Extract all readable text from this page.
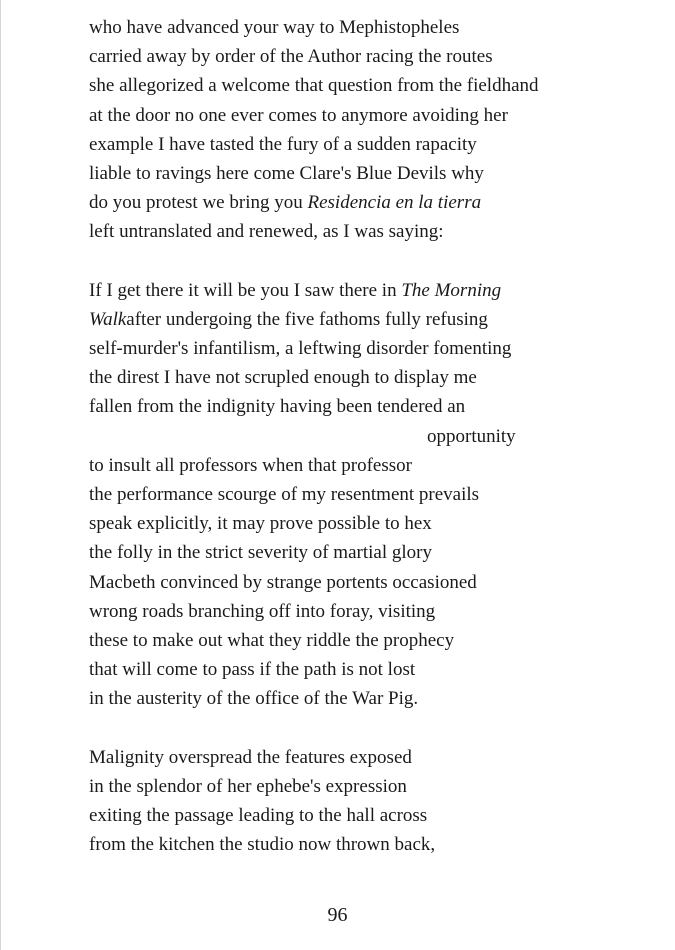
who have advanced your way to Mephistopheles
carried away by order of the Author racing the routes
she allegorized a welcome that question from the fieldhand
at the door no one ever comes to anymore avoiding her
example I have tasted the fury of a sudden rapacity
liable to ravings here come Clare's Blue Devils why
do you protest we bring you Residencia en la tierra
left untranslated and renewed, as I was saying:
If I get there it will be you I saw there in The Morning
Walkafter undergoing the five fathoms fully refusing
self-murder's infantilism, a leftwing disorder fomenting
the direst I have not scrupled enough to display me
fallen from the indignity having been tendered an
opportunity
to insult all professors when that professor
the performance scourge of my resentment prevails
speak explicitly, it may prove possible to hex
the folly in the strict severity of martial glory
Macbeth convinced by strange portents occasioned
wrong roads branching off into foray, visiting
these to make out what they riddle the prophecy
that will come to pass if the path is not lost
in the austerity of the office of the War Pig.
Malignity overspread the features exposed
in the splendor of her ephebe's expression
exiting the passage leading to the hall across
from the kitchen the studio now thrown back,
96
